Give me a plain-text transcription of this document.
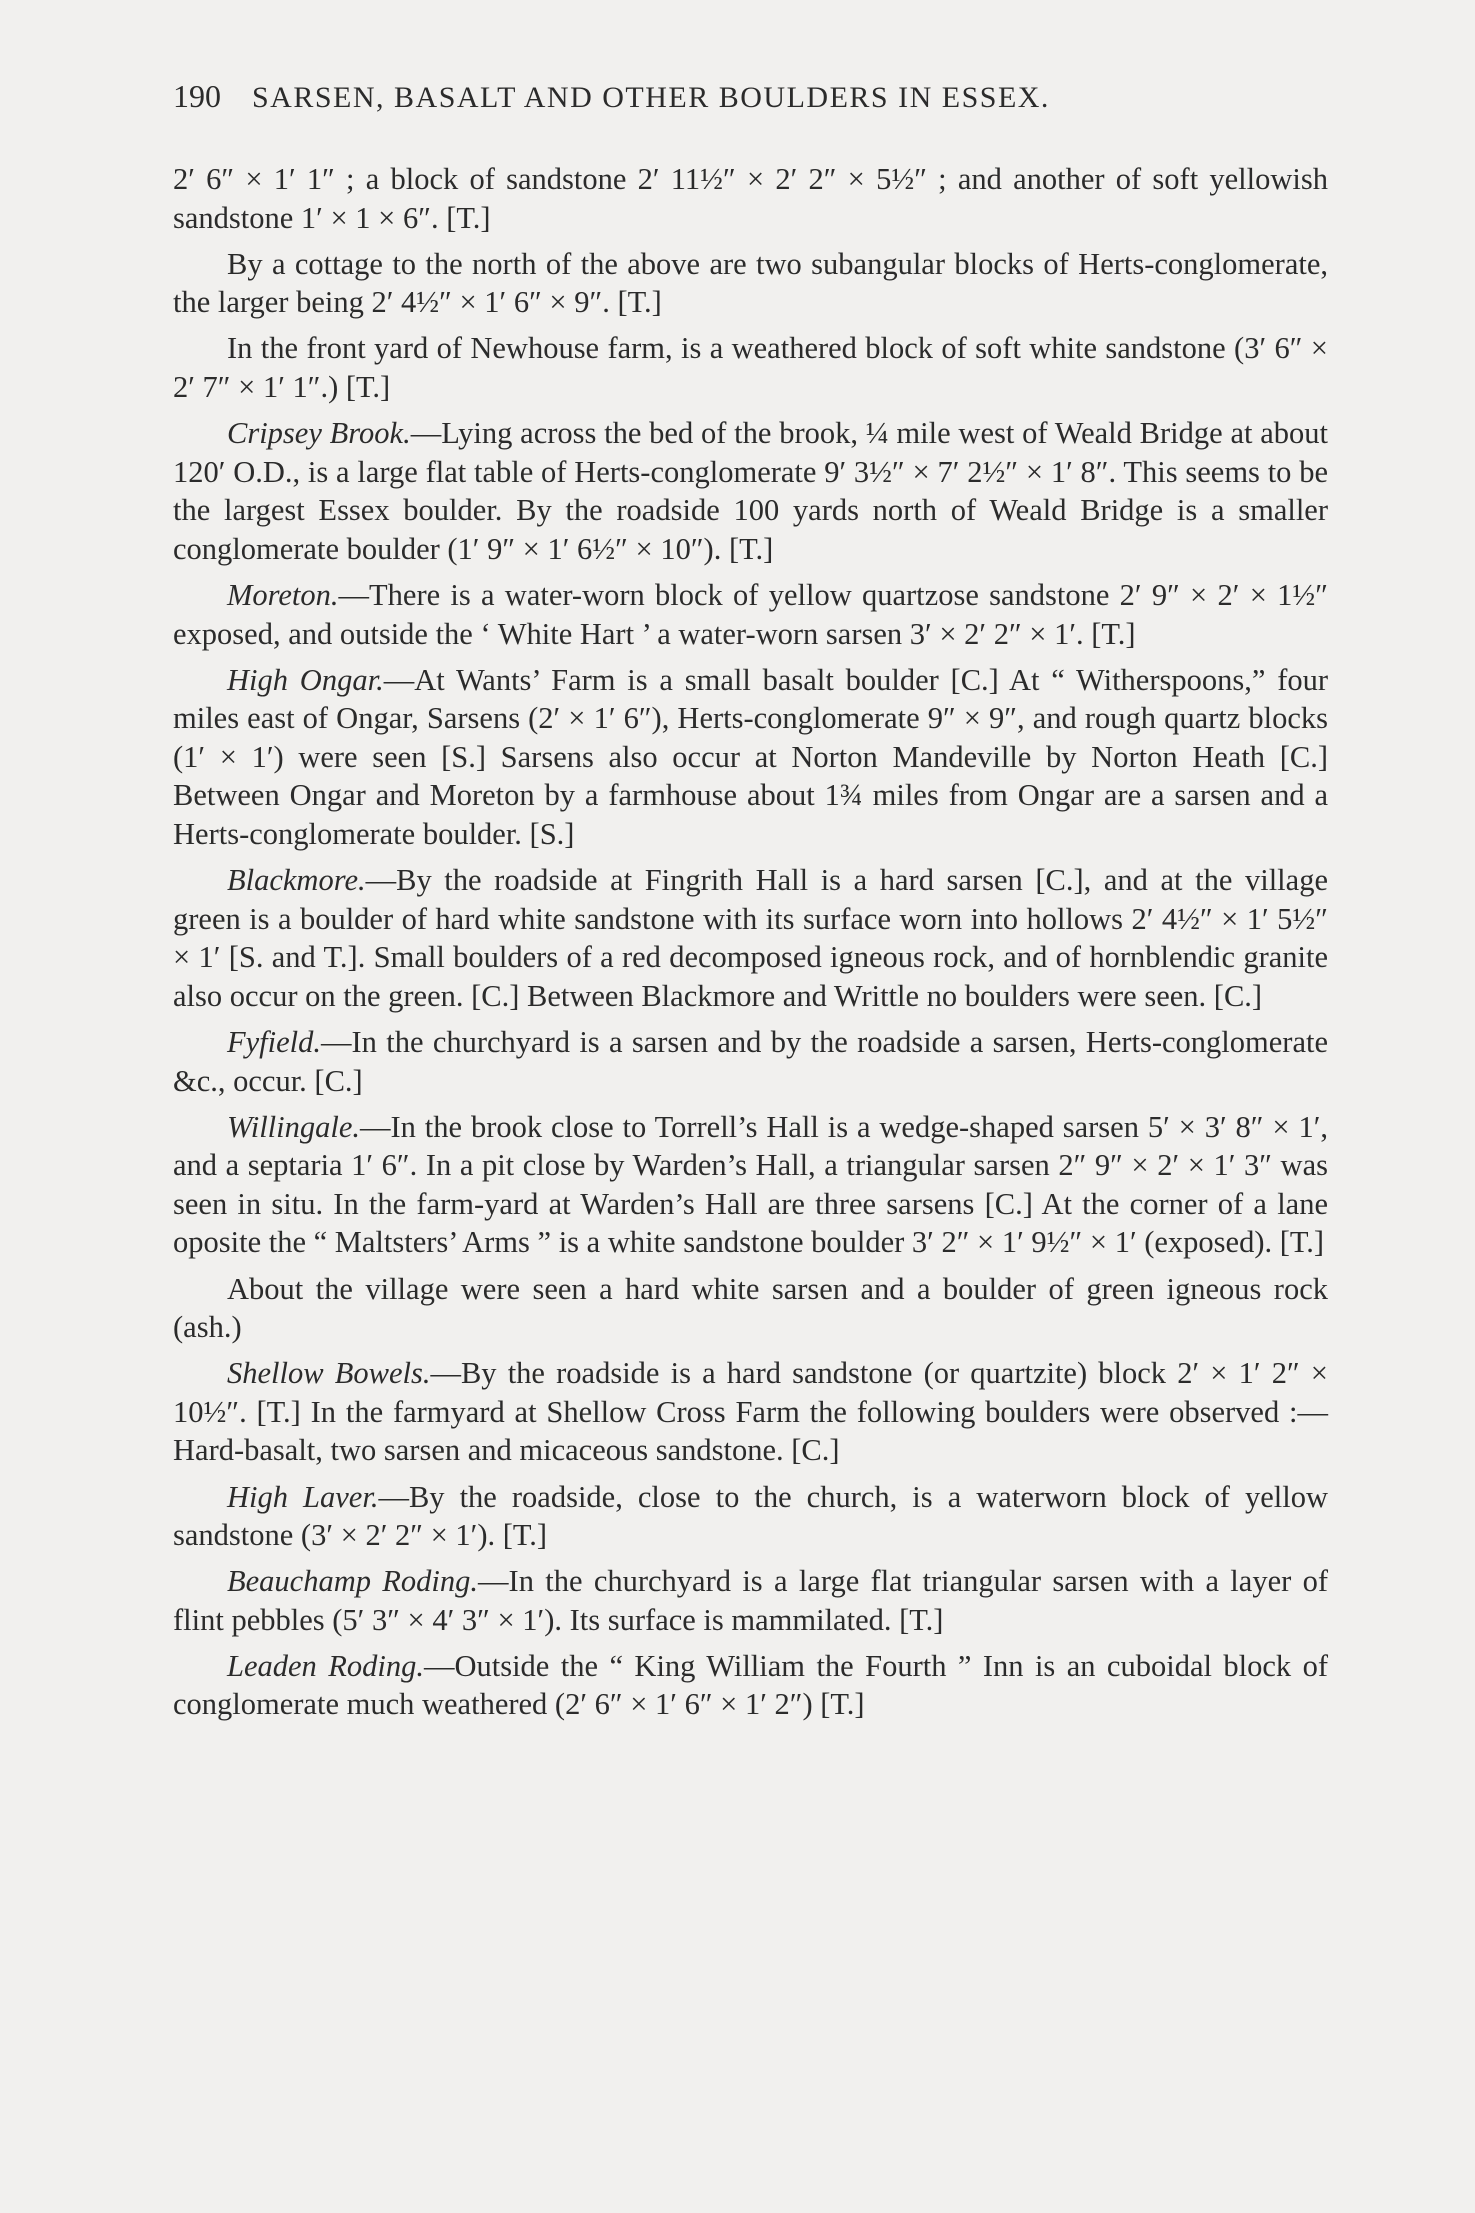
190 SARSEN, BASALT AND OTHER BOULDERS IN ESSEX.

2′ 6″ × 1′ 1″ ; a block of sandstone 2′ 11½″ × 2′ 2″ × 5½″ ; and another of soft yellowish sandstone 1′ × 1 × 6″. [T.]

By a cottage to the north of the above are two subangular blocks of Herts-conglomerate, the larger being 2′ 4½″ × 1′ 6″ × 9″. [T.]

In the front yard of Newhouse farm, is a weathered block of soft white sandstone (3′ 6″ × 2′ 7″ × 1′ 1″.) [T.]

Cripsey Brook.—Lying across the bed of the brook, ¼ mile west of Weald Bridge at about 120′ O.D., is a large flat table of Herts-conglomerate 9′ 3½″ × 7′ 2½″ × 1′ 8″. This seems to be the largest Essex boulder. By the roadside 100 yards north of Weald Bridge is a smaller conglomerate boulder (1′ 9″ × 1′ 6½″ × 10″). [T.]

Moreton.—There is a water-worn block of yellow quartzose sandstone 2′ 9″ × 2′ × 1½″ exposed, and outside the ‘ White Hart ’ a water-worn sarsen 3′ × 2′ 2″ × 1′. [T.]

High Ongar.—At Wants’ Farm is a small basalt boulder [C.] At “ Witherspoons,” four miles east of Ongar, Sarsens (2′ × 1′ 6″), Herts-conglomerate 9″ × 9″, and rough quartz blocks (1′ × 1′) were seen [S.] Sarsens also occur at Norton Mandeville by Norton Heath [C.] Between Ongar and Moreton by a farmhouse about 1¾ miles from Ongar are a sarsen and a Herts-conglomerate boulder. [S.]

Blackmore.—By the roadside at Fingrith Hall is a hard sarsen [C.], and at the village green is a boulder of hard white sandstone with its surface worn into hollows 2′ 4½″ × 1′ 5½″ × 1′ [S. and T.]. Small boulders of a red decomposed igneous rock, and of hornblendic granite also occur on the green. [C.] Between Blackmore and Writtle no boulders were seen. [C.]

Fyfield.—In the churchyard is a sarsen and by the roadside a sarsen, Herts-conglomerate &c., occur. [C.]

Willingale.—In the brook close to Torrell’s Hall is a wedge-shaped sarsen 5′ × 3′ 8″ × 1′, and a septaria 1′ 6″. In a pit close by Warden’s Hall, a triangular sarsen 2″ 9″ × 2′ × 1′ 3″ was seen in situ. In the farm-yard at Warden’s Hall are three sarsens [C.] At the corner of a lane oposite the “ Maltsters’ Arms ” is a white sandstone boulder 3′ 2″ × 1′ 9½″ × 1′ (exposed). [T.]

About the village were seen a hard white sarsen and a boulder of green igneous rock (ash.)

Shellow Bowels.—By the roadside is a hard sandstone (or quartzite) block 2′ × 1′ 2″ × 10½″. [T.] In the farmyard at Shellow Cross Farm the following boulders were observed :—Hard-basalt, two sarsen and micaceous sandstone. [C.]

High Laver.—By the roadside, close to the church, is a waterworn block of yellow sandstone (3′ × 2′ 2″ × 1′). [T.]

Beauchamp Roding.—In the churchyard is a large flat triangular sarsen with a layer of flint pebbles (5′ 3″ × 4′ 3″ × 1′). Its surface is mammilated. [T.]

Leaden Roding.—Outside the “ King William the Fourth ” Inn is an cuboidal block of conglomerate much weathered (2′ 6″ × 1′ 6″ × 1′ 2″) [T.]
